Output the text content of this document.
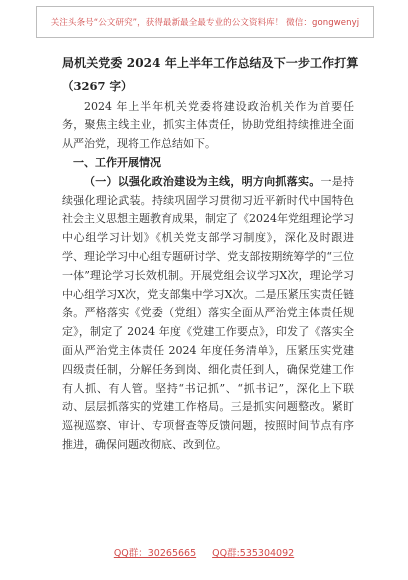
关注头条号“公文研究”，获得最新最全最专业的公文资料库！ 微信：gongwenyj
局机关党委 2024 年上半年工作总结及下一步工作打算
（3267 字）

2024 年上半年机关党委将建设政治机关作为首要任务，聚焦主线主业，抓实主体责任，协助党组持续推进全面从严治党，现将工作总结如下。

一、工作开展情况

（一）以强化政治建设为主线，明方向抓落实。一是持续强化理论武装。持续巩固学习贯彻习近平新时代中国特色社会主义思想主题教育成果，制定了《2024年党组理论学习中心组学习计划》《机关党支部学习制度》，深化及时跟进学、理论学习中心组专题研讨学、党支部按期统筹学的“三位一体”理论学习长效机制。开展党组会议学习X次，理论学习中心组学习X次，党支部集中学习X次。二是压紧压实责任链条。严格落实《党委（党组）落实全面从严治党主体责任规定》，制定了 2024 年度《党建工作要点》，印发了《落实全面从严治党主体责任 2024 年度任务清单》，压紧压实党建四级责任制，分解任务到岗、细化责任到人，确保党建工作有人抓、有人管。坚持“书记抓”、“抓书记”，深化上下联动、层层抓落实的党建工作格局。三是抓实问题整改。紧盯巡视巡察、审计、专项督查等反馈问题，按照时间节点有序推进，确保问题改彻底、改到位。

QQ群：30265665 QQ群:535304092
